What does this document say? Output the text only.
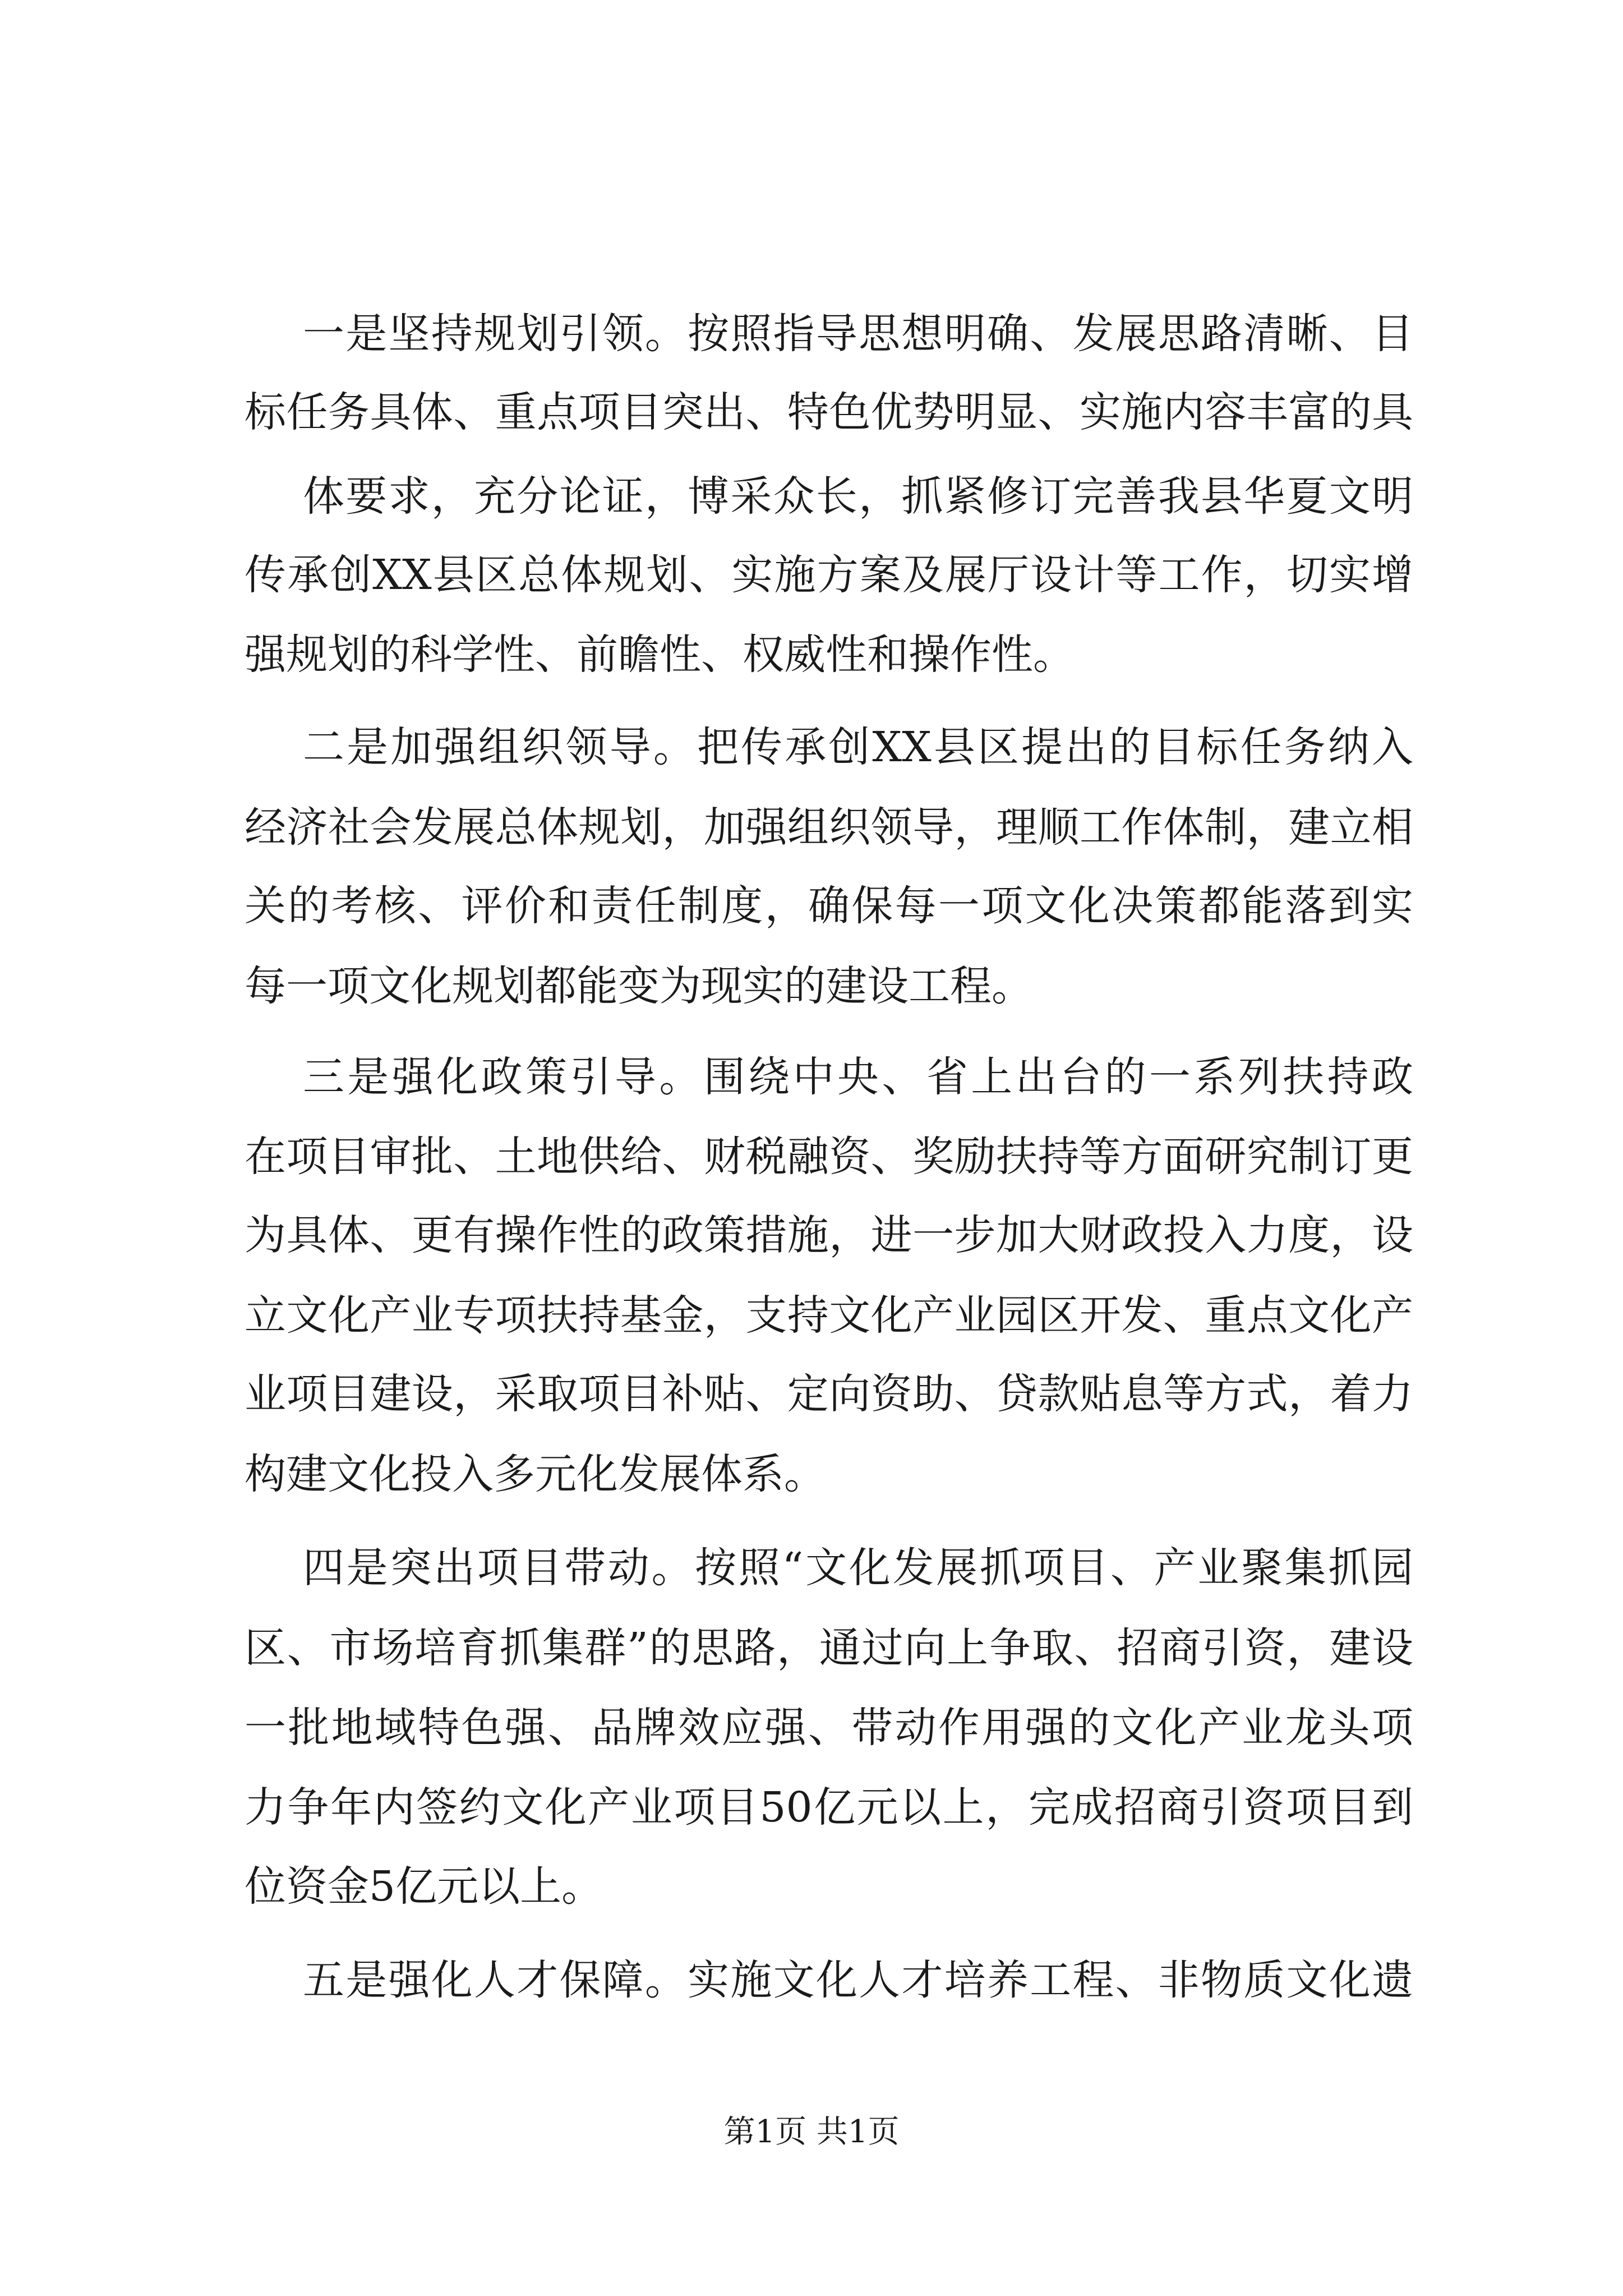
一是坚持规划引领。按照指导思想明确、发展思路清晰、目
标任务具体、重点项目突出、特色优势明显、实施内容丰富的具
体要求，充分论证，博采众长，抓紧修订完善我县华夏文明
传承创XX县区总体规划、实施方案及展厅设计等工作，切实增
强规划的科学性、前瞻性、权威性和操作性。
二是加强组织领导。把传承创XX县区提出的目标任务纳入
经济社会发展总体规划，加强组织领导，理顺工作体制，建立相
关的考核、评价和责任制度，确保每一项文化决策都能落到实
每一项文化规划都能变为现实的建设工程。
三是强化政策引导。围绕中央、省上出台的一系列扶持政
在项目审批、土地供给、财税融资、奖励扶持等方面研究制订更
为具体、更有操作性的政策措施，进一步加大财政投入力度，设
立文化产业专项扶持基金，支持文化产业园区开发、重点文化产
业项目建设，采取项目补贴、定向资助、贷款贴息等方式，着力
构建文化投入多元化发展体系。
四是突出项目带动。按照“文化发展抓项目、产业聚集抓园
区、市场培育抓集群”的思路，通过向上争取、招商引资，建设
一批地域特色强、品牌效应强、带动作用强的文化产业龙头项
力争年内签约文化产业项目50亿元以上，完成招商引资项目到
位资金5亿元以上。
五是强化人才保障。实施文化人才培养工程、非物质文化遗
第1页 共1页
